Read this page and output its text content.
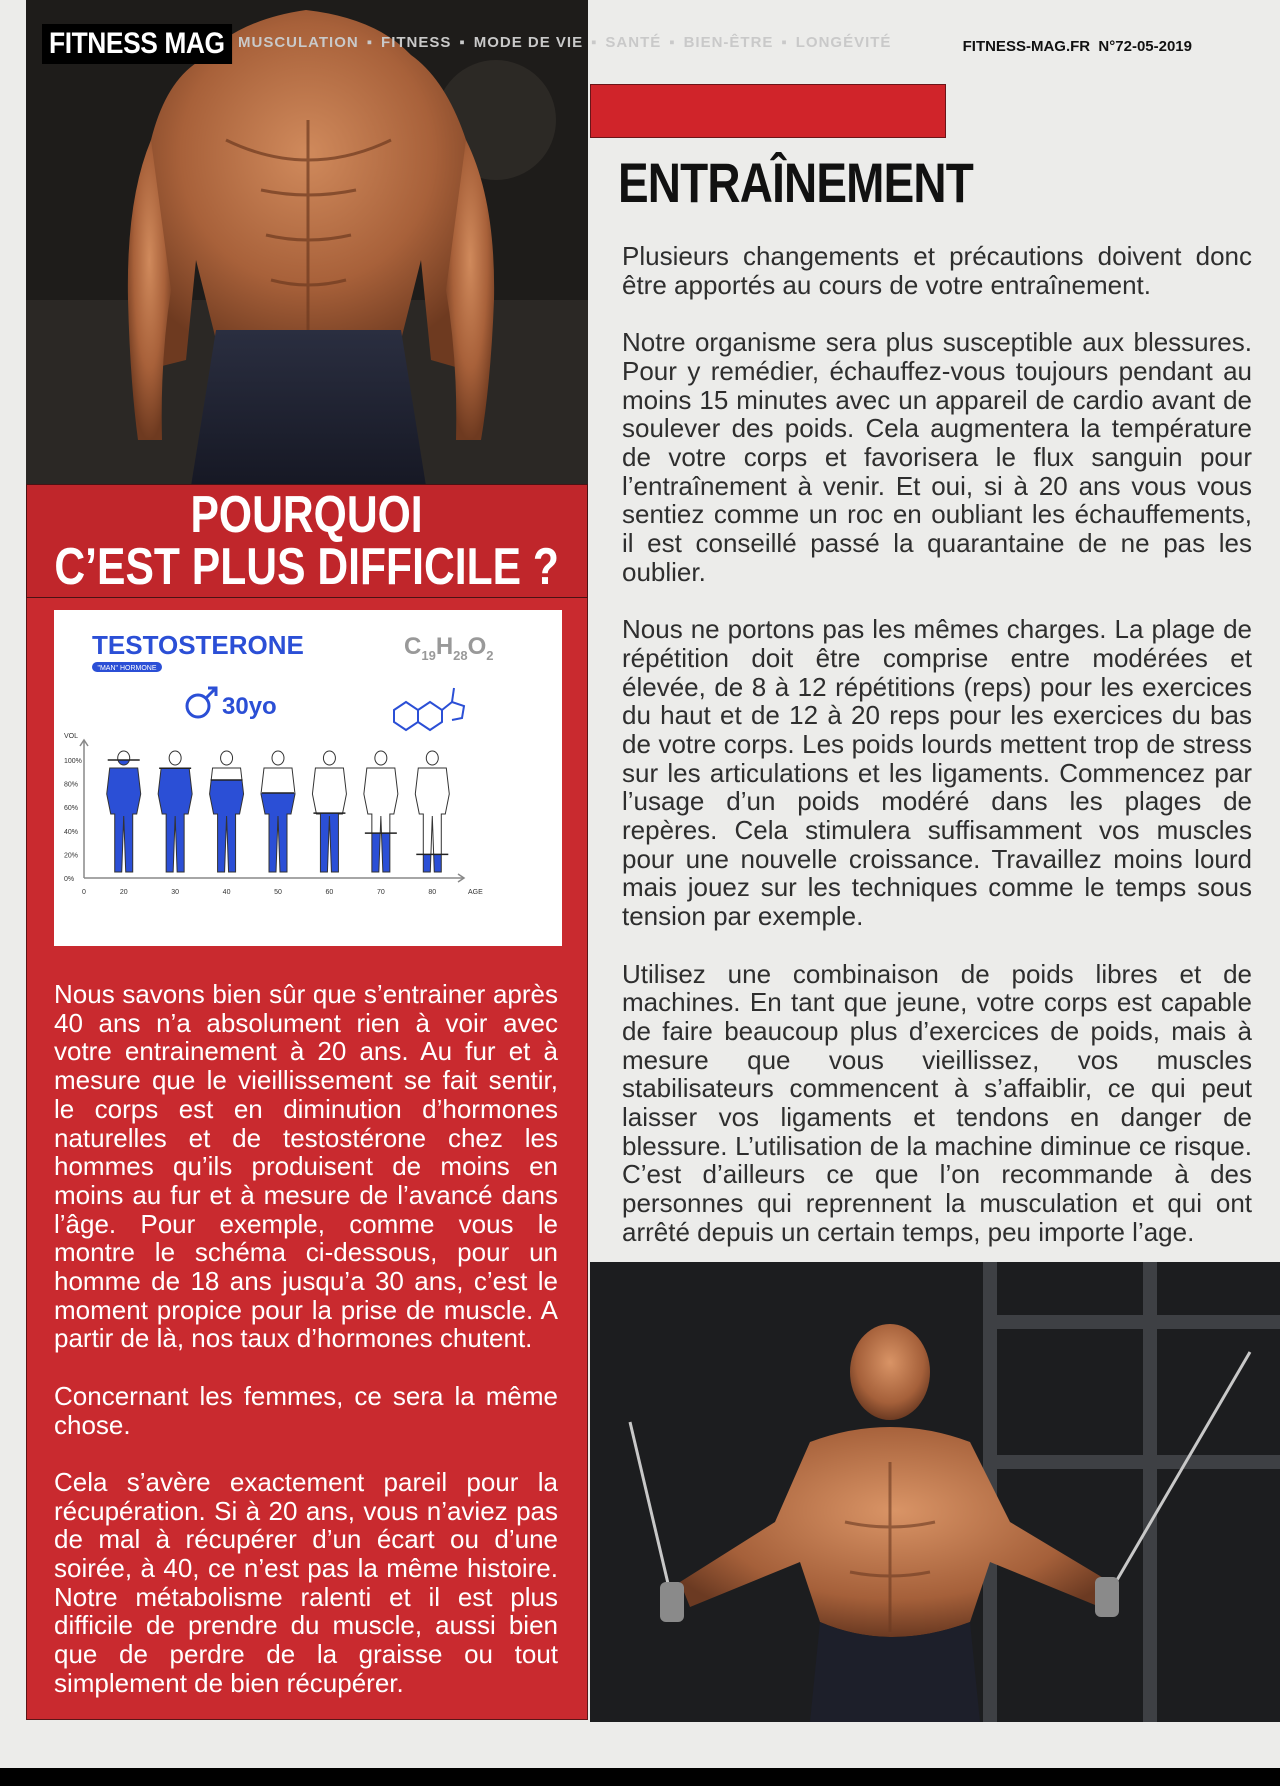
FITNESS MAG MUSCULATION ▪ FITNESS ▪ MODE DE VIE ▪ SANTÉ ▪ BIEN-ÊTRE ▪ LONGÉVITÉ	FITNESS-MAG.FR  N°72-05-2019
ENTRAÎNEMENT

Plusieurs changements et précautions doivent donc être apportés au cours de votre entraînement.

Notre organisme sera plus susceptible aux blessures. Pour y remédier, échauffez-vous toujours pendant au moins 15 minutes avec un appareil de cardio avant de soulever des poids. Cela augmentera la température de votre corps et favorisera le flux sanguin pour l’entraînement à venir. Et oui, si à 20 ans vous vous sentiez comme un roc en oubliant les échauffements, il est conseillé passé la quarantaine de ne pas les oublier.

Nous ne portons pas les mêmes charges. La plage de répétition doit être comprise entre modérées et élevée, de 8 à 12 répétitions (reps) pour les exercices du haut et de 12 à 20 reps pour les exercices du bas de votre corps. Les poids lourds mettent trop de stress sur les articulations et les ligaments. Commencez par l’usage d’un poids modéré dans les plages de repères. Cela stimulera suffisamment vos muscles pour une nouvelle croissance. Travaillez moins lourd mais jouez sur les techniques comme le temps sous tension par exemple.

Utilisez une combinaison de poids libres et de machines. En tant que jeune, votre corps est capable de faire beaucoup plus d’exercices de poids, mais à mesure que vous vieillissez, vos muscles stabilisateurs commencent à s’affaiblir, ce qui peut laisser vos ligaments et tendons en danger de blessure. L’utilisation de la machine diminue ce risque. C’est d’ailleurs ce que l’on recommande à des personnes qui reprennent la musculation et qui ont arrêté depuis un certain temps, peu importe l’age.

POURQUOI
C’EST PLUS DIFFICILE ?
TESTOSTERONE
"MAN" HORMONE
$C_{19}H_{28}O_2$
30yo
VOL
AGE
0%
20%
40%
60%
80%
100%
0	20	30	40	50	60	70	80

Nous savons bien sûr que s’entrainer après 40 ans n’a absolument rien à voir avec votre entrainement à 20 ans. Au fur et à mesure que le vieillissement se fait sentir, le corps est en diminution d’hormones naturelles et de testostérone chez les hommes qu’ils produisent de moins en moins au fur et à mesure de l’avancé dans l’âge. Pour exemple, comme vous le montre le schéma ci-dessous, pour un homme de 18 ans jusqu’a 30 ans, c’est le moment propice pour la prise de muscle. A partir de là, nos taux d’hormones chutent.

Concernant les femmes, ce sera la même chose.

Cela s’avère exactement pareil pour la récupération. Si à 20 ans, vous n’aviez pas de mal à récupérer d’un écart ou d’une soirée, à 40, ce n’est pas la même histoire. Notre métabolisme ralenti et il est plus difficile de prendre du muscle, aussi bien que de perdre de la graisse ou tout simplement de bien récupérer.
